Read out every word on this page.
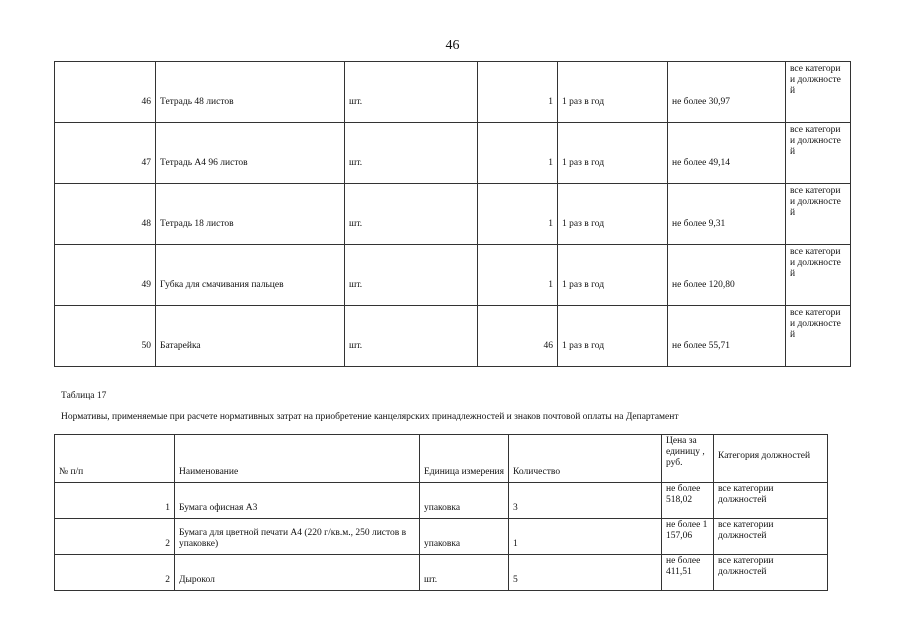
46
46	Тетрадь 48 листов	шт.	1	1 раз в год	не более 30,97	все категори и должносте й
47	Тетрадь А4 96 листов	шт.	1	1 раз в год	не более 49,14	все категори и должносте й
48	Тетрадь 18 листов	шт.	1	1 раз в год	не более 9,31	все категори и должносте й
49	Губка для смачивания пальцев	шт.	1	1 раз в год	не более 120,80	все категори и должносте й
50	Батарейка	шт.	46	1 раз в год	не более 55,71	все категори и должносте й
Таблица 17
Нормативы, применяемые при расчете нормативных затрат на приобретение канцелярских принадлежностей и знаков почтовой оплаты на Департамент
№ п/п	Наименование	Единица измерения	Количество	Цена за единицу , руб.	Категория должностей
1	Бумага офисная А3	упаковка	3	не более 518,02	все категории должностей
2	Бумага для цветной печати А4 (220 г/кв.м., 250 листов в упаковке)	упаковка	1	не более 1 157,06	все категории должностей
2	Дырокол	шт.	5	не более 411,51	все категории должностей
